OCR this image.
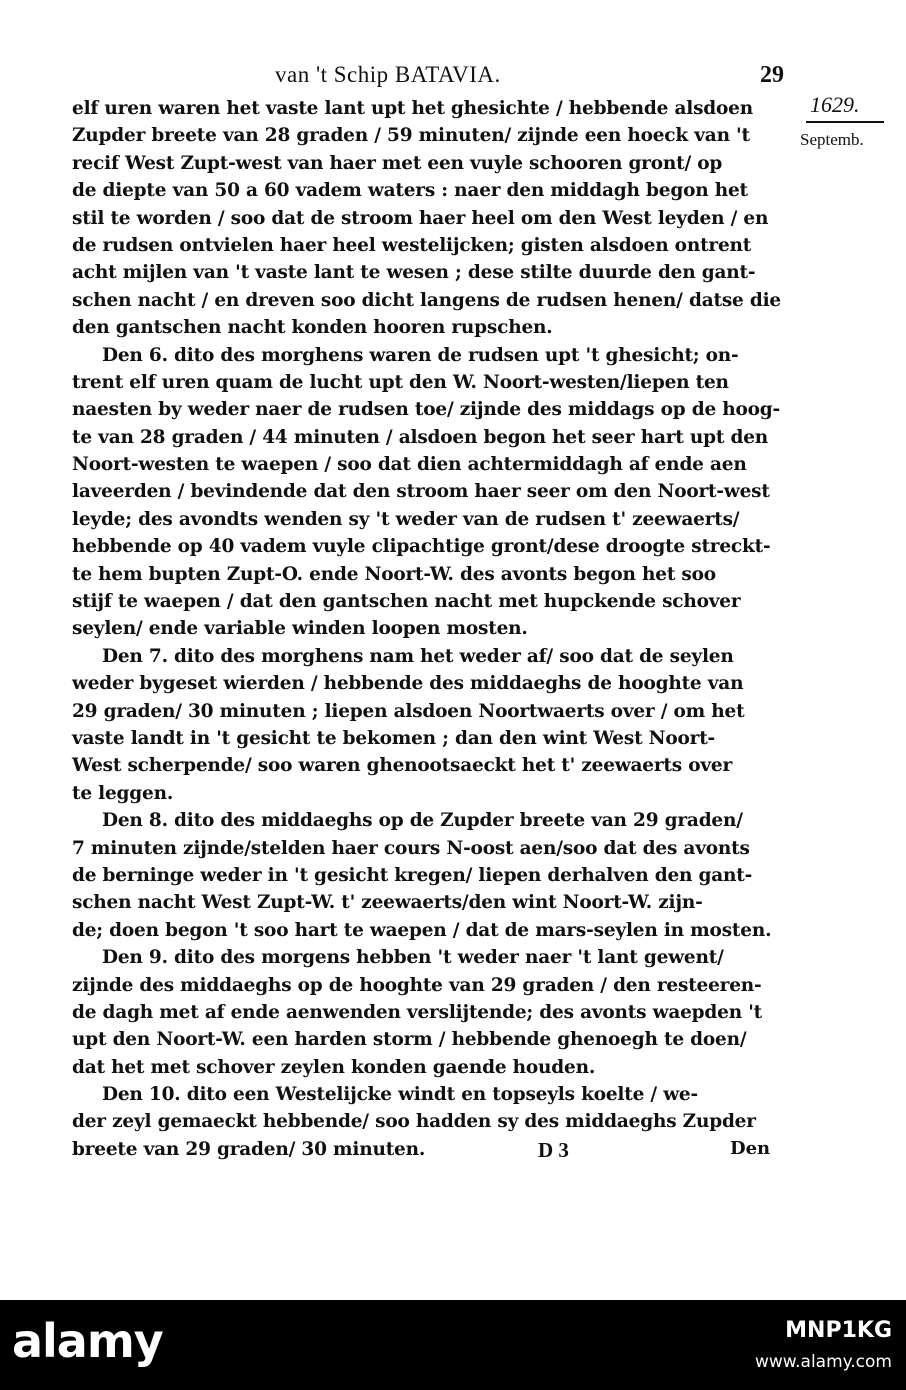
van 't Schip BATAVIA.	29
1629.
Septemb.
elf uren waren het vaste lant upt het ghesichte / hebbende alsdoen
Zupder breete van 28 graden / 59 minuten/ zijnde een hoeck van 't
recif West Zupt-west van haer met een vuyle schooren gront/ op
de diepte van 50 a 60 vadem waters : naer den middagh begon het
stil te worden / soo dat de stroom haer heel om den West leyden / en
de rudsen ontvielen haer heel westelijcken; gisten alsdoen ontrent
acht mijlen van 't vaste lant te wesen ; dese stilte duurde den gant-
schen nacht / en dreven soo dicht langens de rudsen henen/ datse die
den gantschen nacht konden hooren rupschen.
Den 6. dito des morghens waren de rudsen upt 't ghesicht; on-
trent elf uren quam de lucht upt den W. Noort-westen/liepen ten
naesten by weder naer de rudsen toe/ zijnde des middags op de hoog-
te van 28 graden / 44 minuten / alsdoen begon het seer hart upt den
Noort-westen te waepen / soo dat dien achtermiddagh af ende aen
laveerden / bevindende dat den stroom haer seer om den Noort-west
leyde; des avondts wenden sy 't weder van de rudsen t' zeewaerts/
hebbende op 40 vadem vuyle clipachtige gront/dese droogte streckt-
te hem bupten Zupt-O. ende Noort-W. des avonts begon het soo
stijf te waepen / dat den gantschen nacht met hupckende schover
seylen/ ende variable winden loopen mosten.
Den 7. dito des morghens nam het weder af/ soo dat de seylen
weder bygeset wierden / hebbende des middaeghs de hooghte van
29 graden/ 30 minuten ; liepen alsdoen Noortwaerts over / om het
vaste landt in 't gesicht te bekomen ; dan den wint West Noort-
West scherpende/ soo waren ghenootsaeckt het t' zeewaerts over
te leggen.
Den 8. dito des middaeghs op de Zupder breete van 29 graden/
7 minuten zijnde/stelden haer cours N-oost aen/soo dat des avonts
de berninge weder in 't gesicht kregen/ liepen derhalven den gant-
schen nacht West Zupt-W. t' zeewaerts/den wint Noort-W. zijn-
de; doen begon 't soo hart te waepen / dat de mars-seylen in mosten.
Den 9. dito des morgens hebben 't weder naer 't lant gewent/
zijnde des middaeghs op de hooghte van 29 graden / den resteeren-
de dagh met af ende aenwenden verslijtende; des avonts waepden 't
upt den Noort-W. een harden storm / hebbende ghenoegh te doen/
dat het met schover zeylen konden gaende houden.
Den 10. dito een Westelijcke windt en topseyls koelte / we-
der zeyl gemaeckt hebbende/ soo hadden sy des middaeghs Zupder
breete van 29 graden/ 30 minuten.	D 3	Den
alamy	MNP1KG
www.alamy.com
